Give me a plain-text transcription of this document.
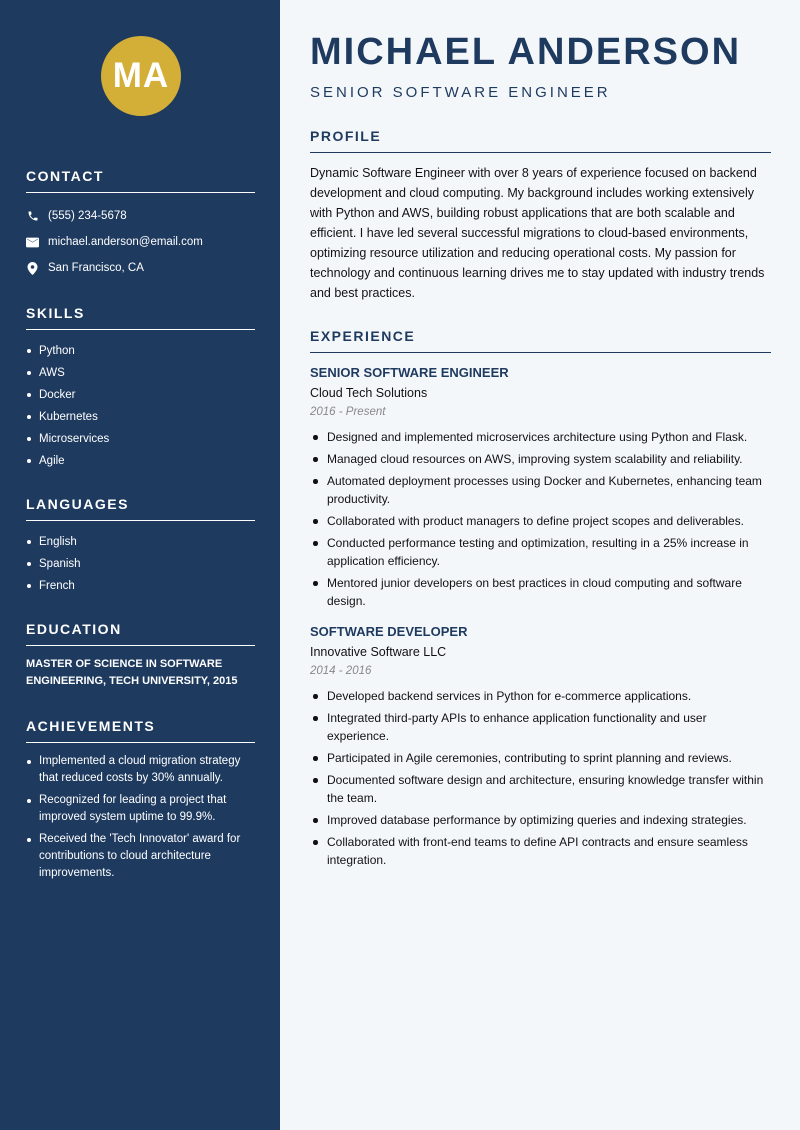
MA
CONTACT
(555) 234-5678
michael.anderson@email.com
San Francisco, CA
SKILLS
Python
AWS
Docker
Kubernetes
Microservices
Agile
LANGUAGES
English
Spanish
French
EDUCATION
MASTER OF SCIENCE IN SOFTWARE ENGINEERING, TECH UNIVERSITY, 2015
ACHIEVEMENTS
Implemented a cloud migration strategy that reduced costs by 30% annually.
Recognized for leading a project that improved system uptime to 99.9%.
Received the 'Tech Innovator' award for contributions to cloud architecture improvements.
MICHAEL ANDERSON
SENIOR SOFTWARE ENGINEER
PROFILE

Dynamic Software Engineer with over 8 years of experience focused on backend development and cloud computing. My background includes working extensively with Python and AWS, building robust applications that are both scalable and efficient. I have led several successful migrations to cloud-based environments, optimizing resource utilization and reducing operational costs. My passion for technology and continuous learning drives me to stay updated with industry trends and best practices.

EXPERIENCE
SENIOR SOFTWARE ENGINEER
Cloud Tech Solutions
2016 - Present
Designed and implemented microservices architecture using Python and Flask.
Managed cloud resources on AWS, improving system scalability and reliability.
Automated deployment processes using Docker and Kubernetes, enhancing team productivity.
Collaborated with product managers to define project scopes and deliverables.
Conducted performance testing and optimization, resulting in a 25% increase in application efficiency.
Mentored junior developers on best practices in cloud computing and software design.
SOFTWARE DEVELOPER
Innovative Software LLC
2014 - 2016
Developed backend services in Python for e-commerce applications.
Integrated third-party APIs to enhance application functionality and user experience.
Participated in Agile ceremonies, contributing to sprint planning and reviews.
Documented software design and architecture, ensuring knowledge transfer within the team.
Improved database performance by optimizing queries and indexing strategies.
Collaborated with front-end teams to define API contracts and ensure seamless integration.
